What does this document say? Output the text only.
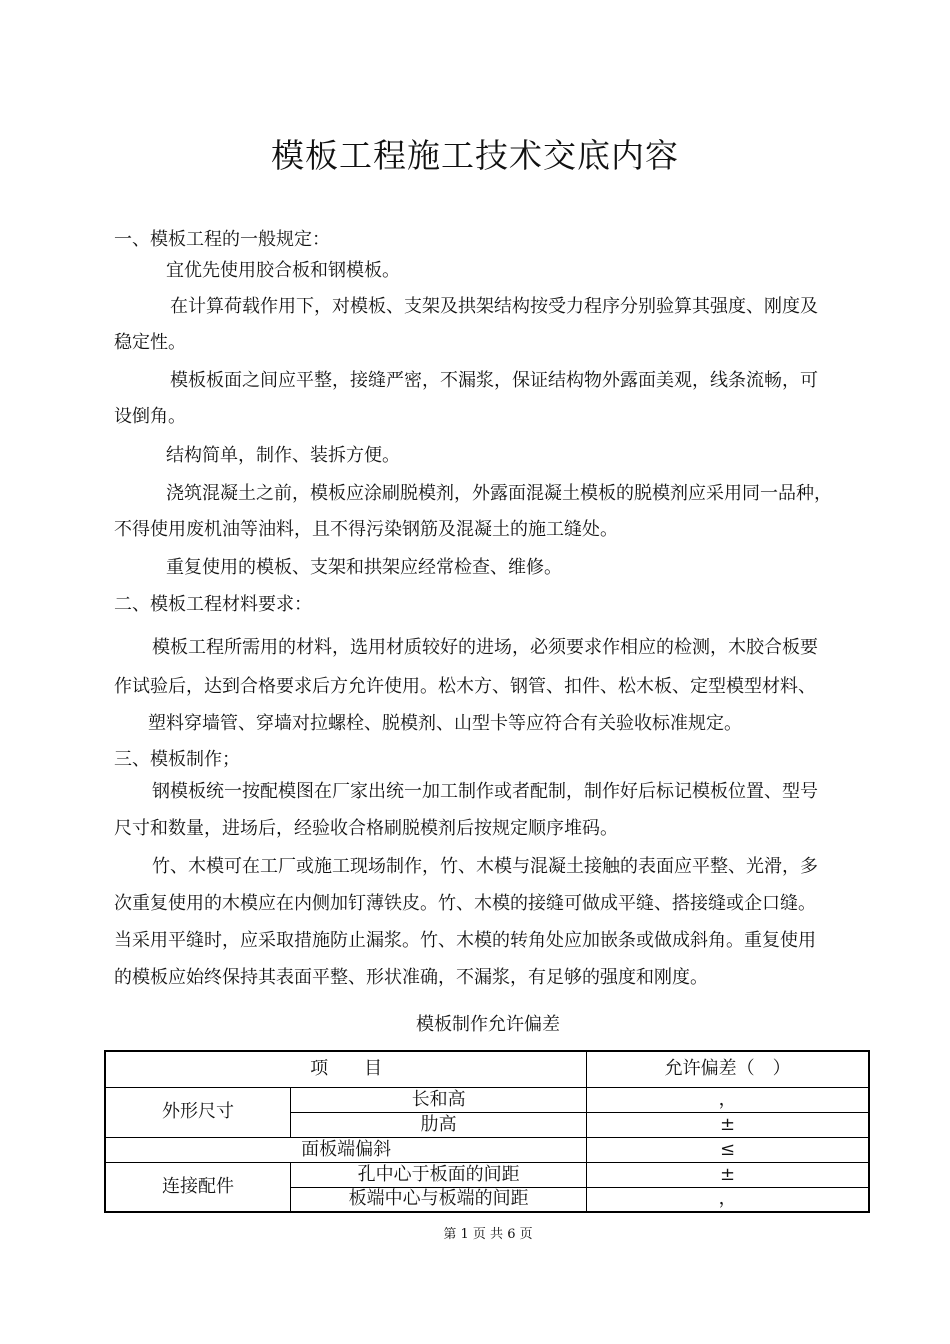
模板工程施工技术交底内容
一、模板工程的一般规定：
宜优先使用胶合板和钢模板。
在计算荷载作用下，对模板、支架及拱架结构按受力程序分别验算其强度、刚度及
稳定性。
模板板面之间应平整，接缝严密，不漏浆，保证结构物外露面美观，线条流畅，可
设倒角。
结构简单，制作、装拆方便。
浇筑混凝土之前，模板应涂刷脱模剂，外露面混凝土模板的脱模剂应采用同一品种，
不得使用废机油等油料，且不得污染钢筋及混凝土的施工缝处。
重复使用的模板、支架和拱架应经常检查、维修。
二、模板工程材料要求：
模板工程所需用的材料，选用材质较好的进场，必须要求作相应的检测，木胶合板要
作试验后，达到合格要求后方允许使用。松木方、钢管、扣件、松木板、定型模型材料、
塑料穿墙管、穿墙对拉螺栓、脱模剂、山型卡等应符合有关验收标准规定。
三、模板制作；
钢模板统一按配模图在厂家出统一加工制作或者配制，制作好后标记模板位置、型号
尺寸和数量，进场后，经验收合格刷脱模剂后按规定顺序堆码。
竹、木模可在工厂或施工现场制作，竹、木模与混凝土接触的表面应平整、光滑，多
次重复使用的木模应在内侧加钉薄铁皮。竹、木模的接缝可做成平缝、搭接缝或企口缝。
当采用平缝时，应采取措施防止漏浆。竹、木模的转角处应加嵌条或做成斜角。重复使用
的模板应始终保持其表面平整、形状准确，不漏浆，有足够的强度和刚度。
模板制作允许偏差
项　　目		允许偏差（　）
外形尺寸	长和高	，
	肋高	±
面板端偏斜		≤
连接配件	孔中心于板面的间距	±
	板端中心与板端的间距	，
第 1 页 共 6 页
